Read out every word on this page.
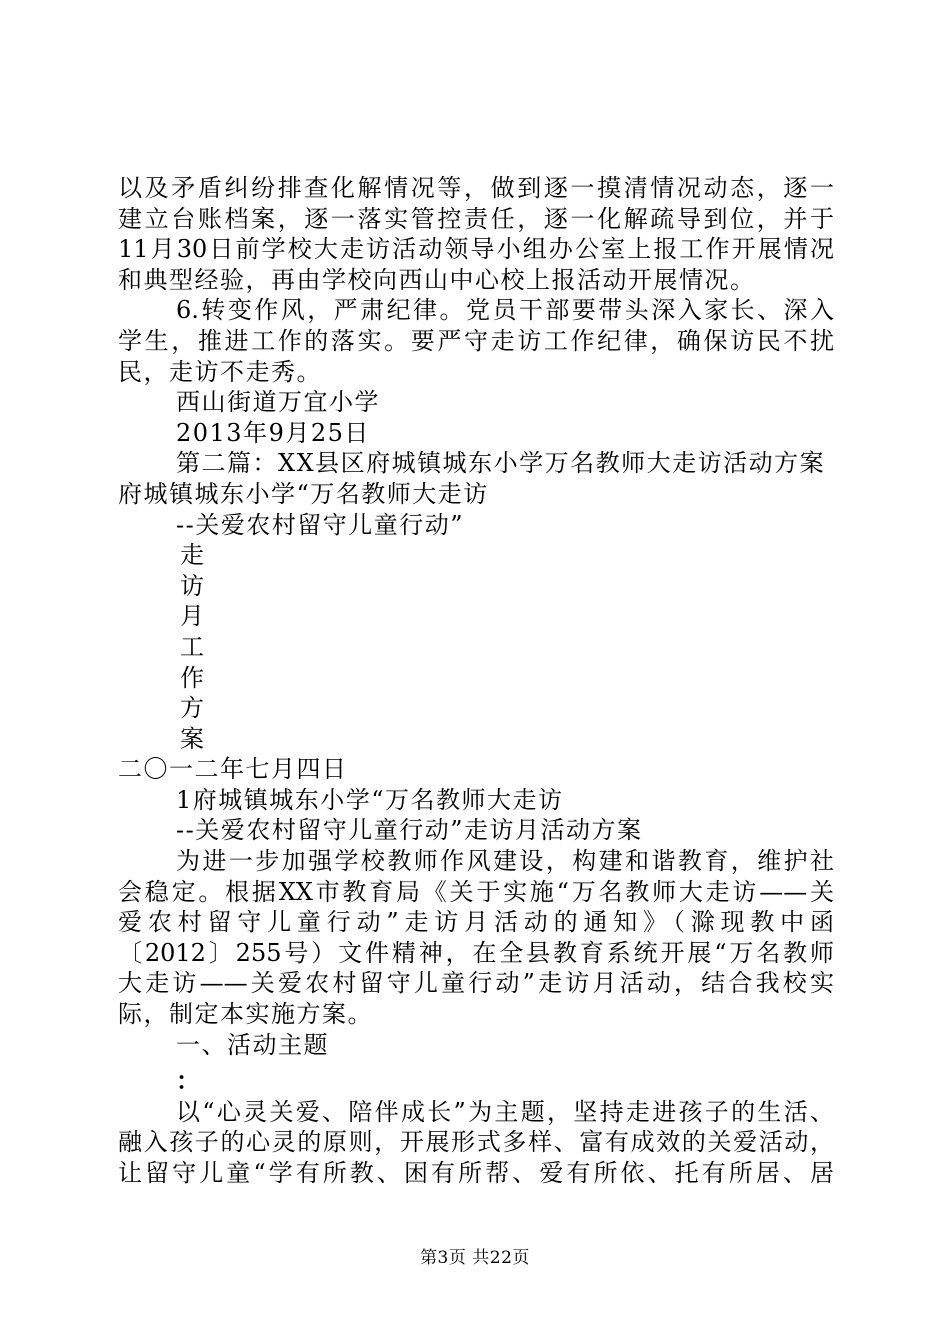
以及矛盾纠纷排查化解情况等，做到逐一摸清情况动态，逐一
建立台账档案，逐一落实管控责任，逐一化解疏导到位，并于
11月30日前学校大走访活动领导小组办公室上报工作开展情况
和典型经验，再由学校向西山中心校上报活动开展情况。
6.转变作风，严肃纪律。党员干部要带头深入家长、深入
学生，推进工作的落实。要严守走访工作纪律，确保访民不扰
民，走访不走秀。
西山街道万宜小学
2013年9月25日
第二篇：XX县区府城镇城东小学万名教师大走访活动方案
府城镇城东小学“万名教师大走访
--关爱农村留守儿童行动”
走
访
月
工
作
方
案
二〇一二年七月四日
1府城镇城东小学“万名教师大走访
--关爱农村留守儿童行动”走访月活动方案
为进一步加强学校教师作风建设，构建和谐教育，维护社
会稳定。根据XX市教育局《关于实施“万名教师大走访——关
爱农村留守儿童行动”走访月活动的通知》（滁现教中函
〔2012〕255号）文件精神，在全县教育系统开展“万名教师
大走访——关爱农村留守儿童行动”走访月活动，结合我校实
际，制定本实施方案。
一、活动主题
：
以“心灵关爱、陪伴成长”为主题，坚持走进孩子的生活、
融入孩子的心灵的原则，开展形式多样、富有成效的关爱活动，
让留守儿童“学有所教、困有所帮、爱有所依、托有所居、居
第3页 共22页
